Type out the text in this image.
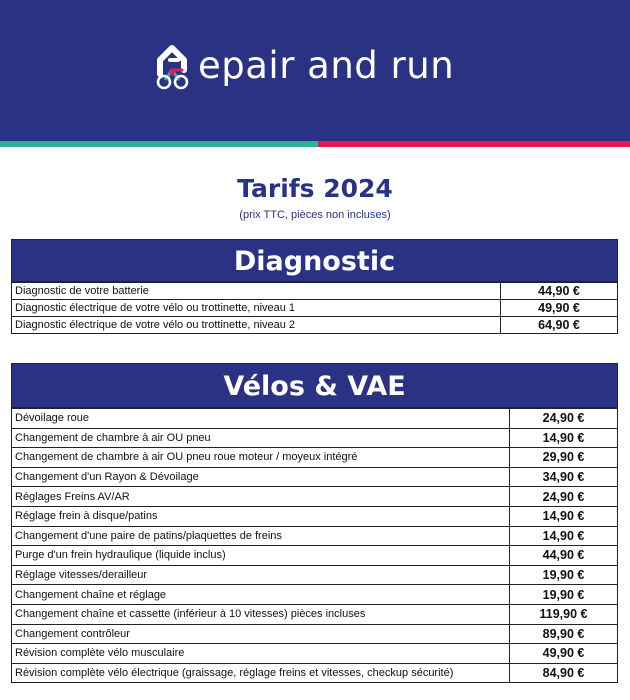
epair and run
Tarifs 2024
(prix TTC, pièces non incluses)
Diagnostic
Diagnostic de votre batterie	44,90 €
Diagnostic électrique de votre vélo ou trottinette, niveau 1	49,90 €
Diagnostic électrique de votre vélo ou trottinette, niveau 2	64,90 €
Vélos & VAE
Dévoilage roue	24,90 €
Changement de chambre à air OU pneu	14,90 €
Changement de chambre à air OU pneu roue moteur / moyeux intégré	29,90 €
Changement d'un Rayon & Dévoilage	34,90 €
Réglages Freins AV/AR	24,90 €
Réglage frein à disque/patins	14,90 €
Changement d'une paire de patins/plaquettes de freins	14,90 €
Purge d'un frein hydraulique (liquide inclus)	44,90 €
Réglage vitesses/derailleur	19,90 €
Changement chaîne et réglage	19,90 €
Changement chaîne et cassette (inférieur à 10 vitesses) pièces incluses	119,90 €
Changement contrôleur	89,90 €
Révision complète vélo musculaire	49,90 €
Révision complète vélo électrique (graissage, réglage freins et vitesses, checkup sécurité)	84,90 €
